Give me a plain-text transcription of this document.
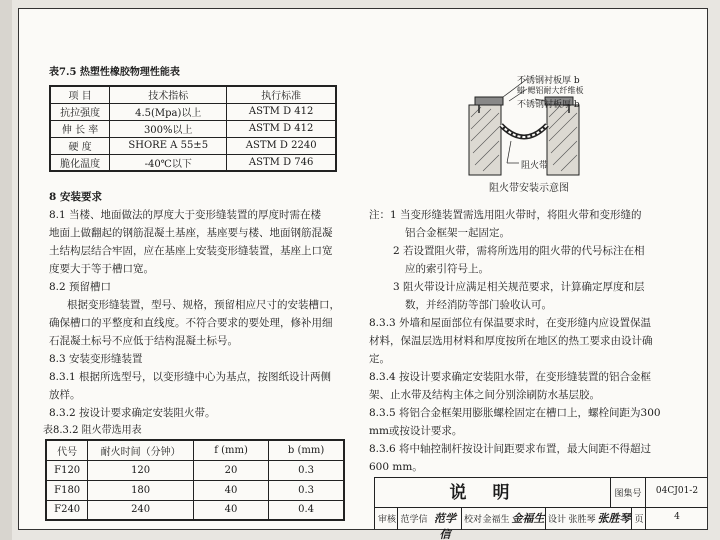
表7.5 热塑性橡胶物理性能表
项 目	技术指标	执行标准
抗拉强度	4.5(Mpa)以上	ASTM D 412
伸 长 率	300%以上	ASTM D 412
硬 度	SHORE A 55±5	ASTM D 2240
脆化温度	-40℃以下	ASTM D 746
不锈钢衬板厚 b
蜡 鳃铝耐大纤维板
不锈钢衬板厚 b
阻火带
阻火带安装示意图
8 安装要求
8.1 当楼、地面做法的厚度大于变形缝装置的厚度时需在楼
地面上做翻起的钢筋混凝土基座，基座要与楼、地面钢筋混凝
土结构层结合牢固，应在基座上安装变形缝装置，基座上口宽
度要大于等于槽口宽。
8.2 预留槽口
根据变形缝装置，型号、规格，预留相应尺寸的安装槽口，
确保槽口的平整度和直线度。不符合要求的要处理，修补用细
石混凝土标号不应低于结构混凝土标号。
8.3 安装变形缝装置
8.3.1 根据所选型号，以变形缝中心为基点，按图纸设计两侧
放样。
8.3.2 按设计要求确定安装阻火带。
表8.3.2 阻火带选用表
代号	耐火时间（分钟）	f (mm)	b (mm)
F120	120	20	0.3
F180	180	40	0.3
F240	240	40	0.4
注：1 当变形缝装置需选用阻火带时，将阻火带和变形缝的
铝合金框架一起固定。
2 若设置阻火带，需将所选用的阻火带的代号标注在相
应的索引符号上。
3 阻火带设计应满足相关规范要求，计算确定厚度和层
数，并经消防等部门验收认可。
8.3.3 外墙和屋面部位有保温要求时，在变形缝内应设置保温
材料，保温层选用材料和厚度按所在地区的热工要求由设计确
定。
8.3.4 按设计要求确定安装阻水带，在变形缝装置的铝合金框
架、止水带及结构主体之间分别涂刷防水基层胶。
8.3.5 将铝合金框架用膨胀螺栓固定在槽口上，螺栓间距为300
mm或按设计要求。
8.3.6 将中轴控制杆按设计间距要求布置，最大间距不得超过
600 mm。
说明	图集号	04CJ01-2
审核 范学信 范学信
校对 金福生 金福生 设计 张胜琴 张胜琴 页	4
